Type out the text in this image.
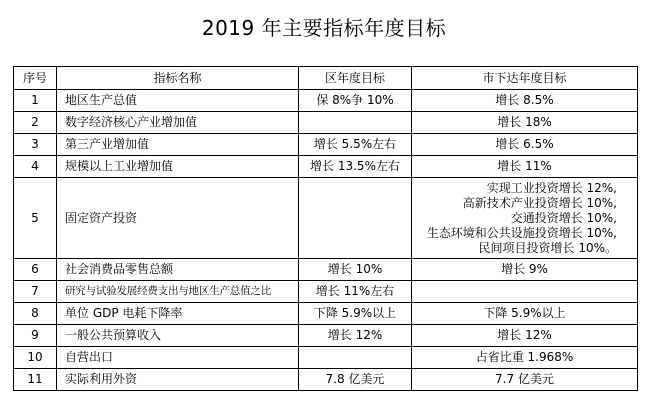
2019 年主要指标年度目标
序号	指标名称	区年度目标	市下达年度目标
1	地区生产总值	保 8%争 10%	增长 8.5%
2	数字经济核心产业增加值		增长 18%
3	第三产业增加值	增长 5.5%左右	增长 6.5%
4	规模以上工业增加值	增长 13.5%左右	增长 11%
5	固定资产投资		实现工业投资增长 12%,
高新技术产业投资增长 10%,
交通投资增长 10%,
生态环境和公共设施投资增长 10%,
民间项目投资增长 10%。

6	社会消费品零售总额	增长 10%	增长 9%
7	研究与试验发展经费支出与地区生产总值之比	增长 11%左右	
8	单位 GDP 电耗下降率	下降 5.9%以上	下降 5.9%以上
9	一般公共预算收入	增长 12%	增长 12%
10	自营出口		占省比重 1.968%
11	实际利用外资	7.8 亿美元	7.7 亿美元
